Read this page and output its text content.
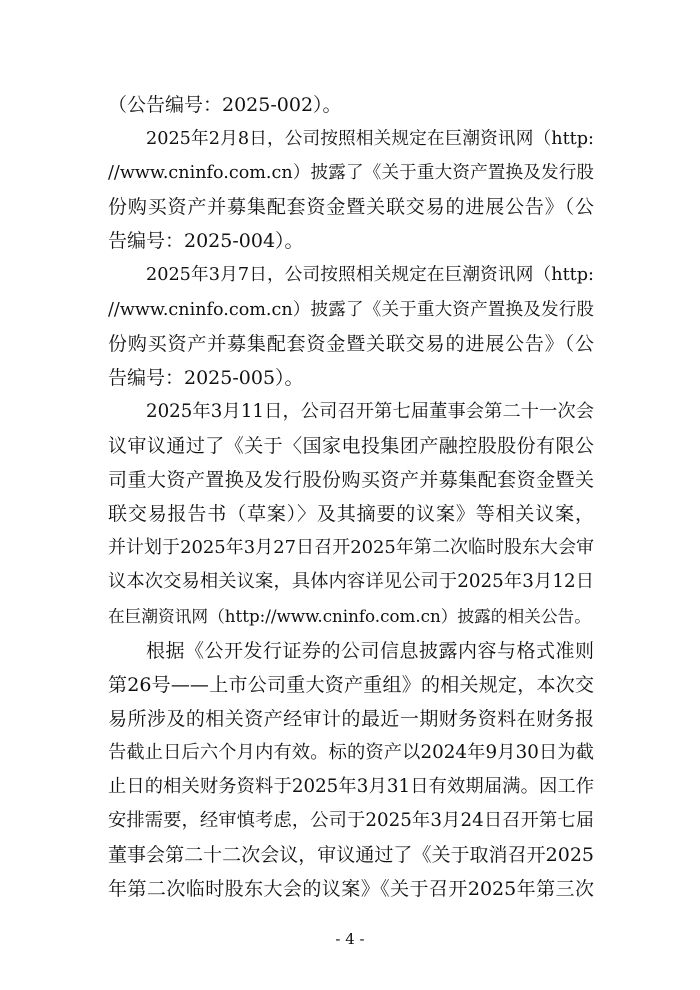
（公告编号：2025-002）。
2025年2月8日，公司按照相关规定在巨潮资讯网（http:
//www.cninfo.com.cn）披露了《关于重大资产置换及发行股
份购买资产并募集配套资金暨关联交易的进展公告》（公
告编号：2025-004）。
2025年3月7日，公司按照相关规定在巨潮资讯网（http:
//www.cninfo.com.cn）披露了《关于重大资产置换及发行股
份购买资产并募集配套资金暨关联交易的进展公告》（公
告编号：2025-005）。
2025年3月11日，公司召开第七届董事会第二十一次会
议审议通过了《关于〈国家电投集团产融控股股份有限公
司重大资产置换及发行股份购买资产并募集配套资金暨关
联交易报告书（草案）〉及其摘要的议案》等相关议案，
并计划于2025年3月27日召开2025年第二次临时股东大会审
议本次交易相关议案，具体内容详见公司于2025年3月12日
在巨潮资讯网（http://www.cninfo.com.cn）披露的相关公告。
根据《公开发行证券的公司信息披露内容与格式准则
第26号——上市公司重大资产重组》的相关规定，本次交
易所涉及的相关资产经审计的最近一期财务资料在财务报
告截止日后六个月内有效。标的资产以2024年9月30日为截
止日的相关财务资料于2025年3月31日有效期届满。因工作
安排需要，经审慎考虑，公司于2025年3月24日召开第七届
董事会第二十二次会议，审议通过了《关于取消召开2025
年第二次临时股东大会的议案》《关于召开2025年第三次
- 4 -
